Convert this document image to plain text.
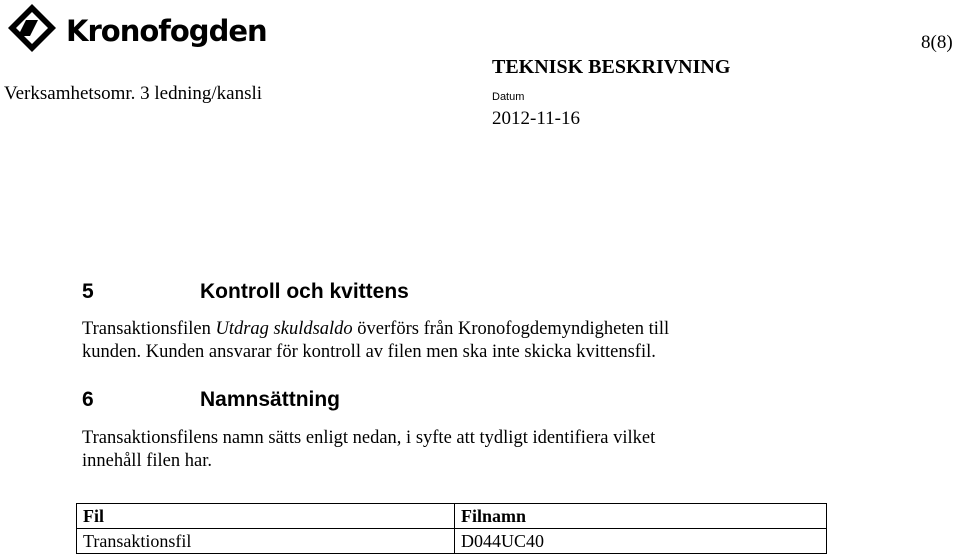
Kronofogden	8(8)
Verksamhetsomr. 3 ledning/kansli
TEKNISK BESKRIVNING
Datum
2012-11-16
5	Kontroll och kvittens
Transaktionsfilen Utdrag skuldsaldo överförs från Kronofogdemyndigheten till
kunden. Kunden ansvarar för kontroll av filen men ska inte skicka kvittensfil.
6	Namnsättning
Transaktionsfilens namn sätts enligt nedan, i syfte att tydligt identifiera vilket
innehåll filen har.
Fil	Filnamn
Transaktionsfil	D044UC40
